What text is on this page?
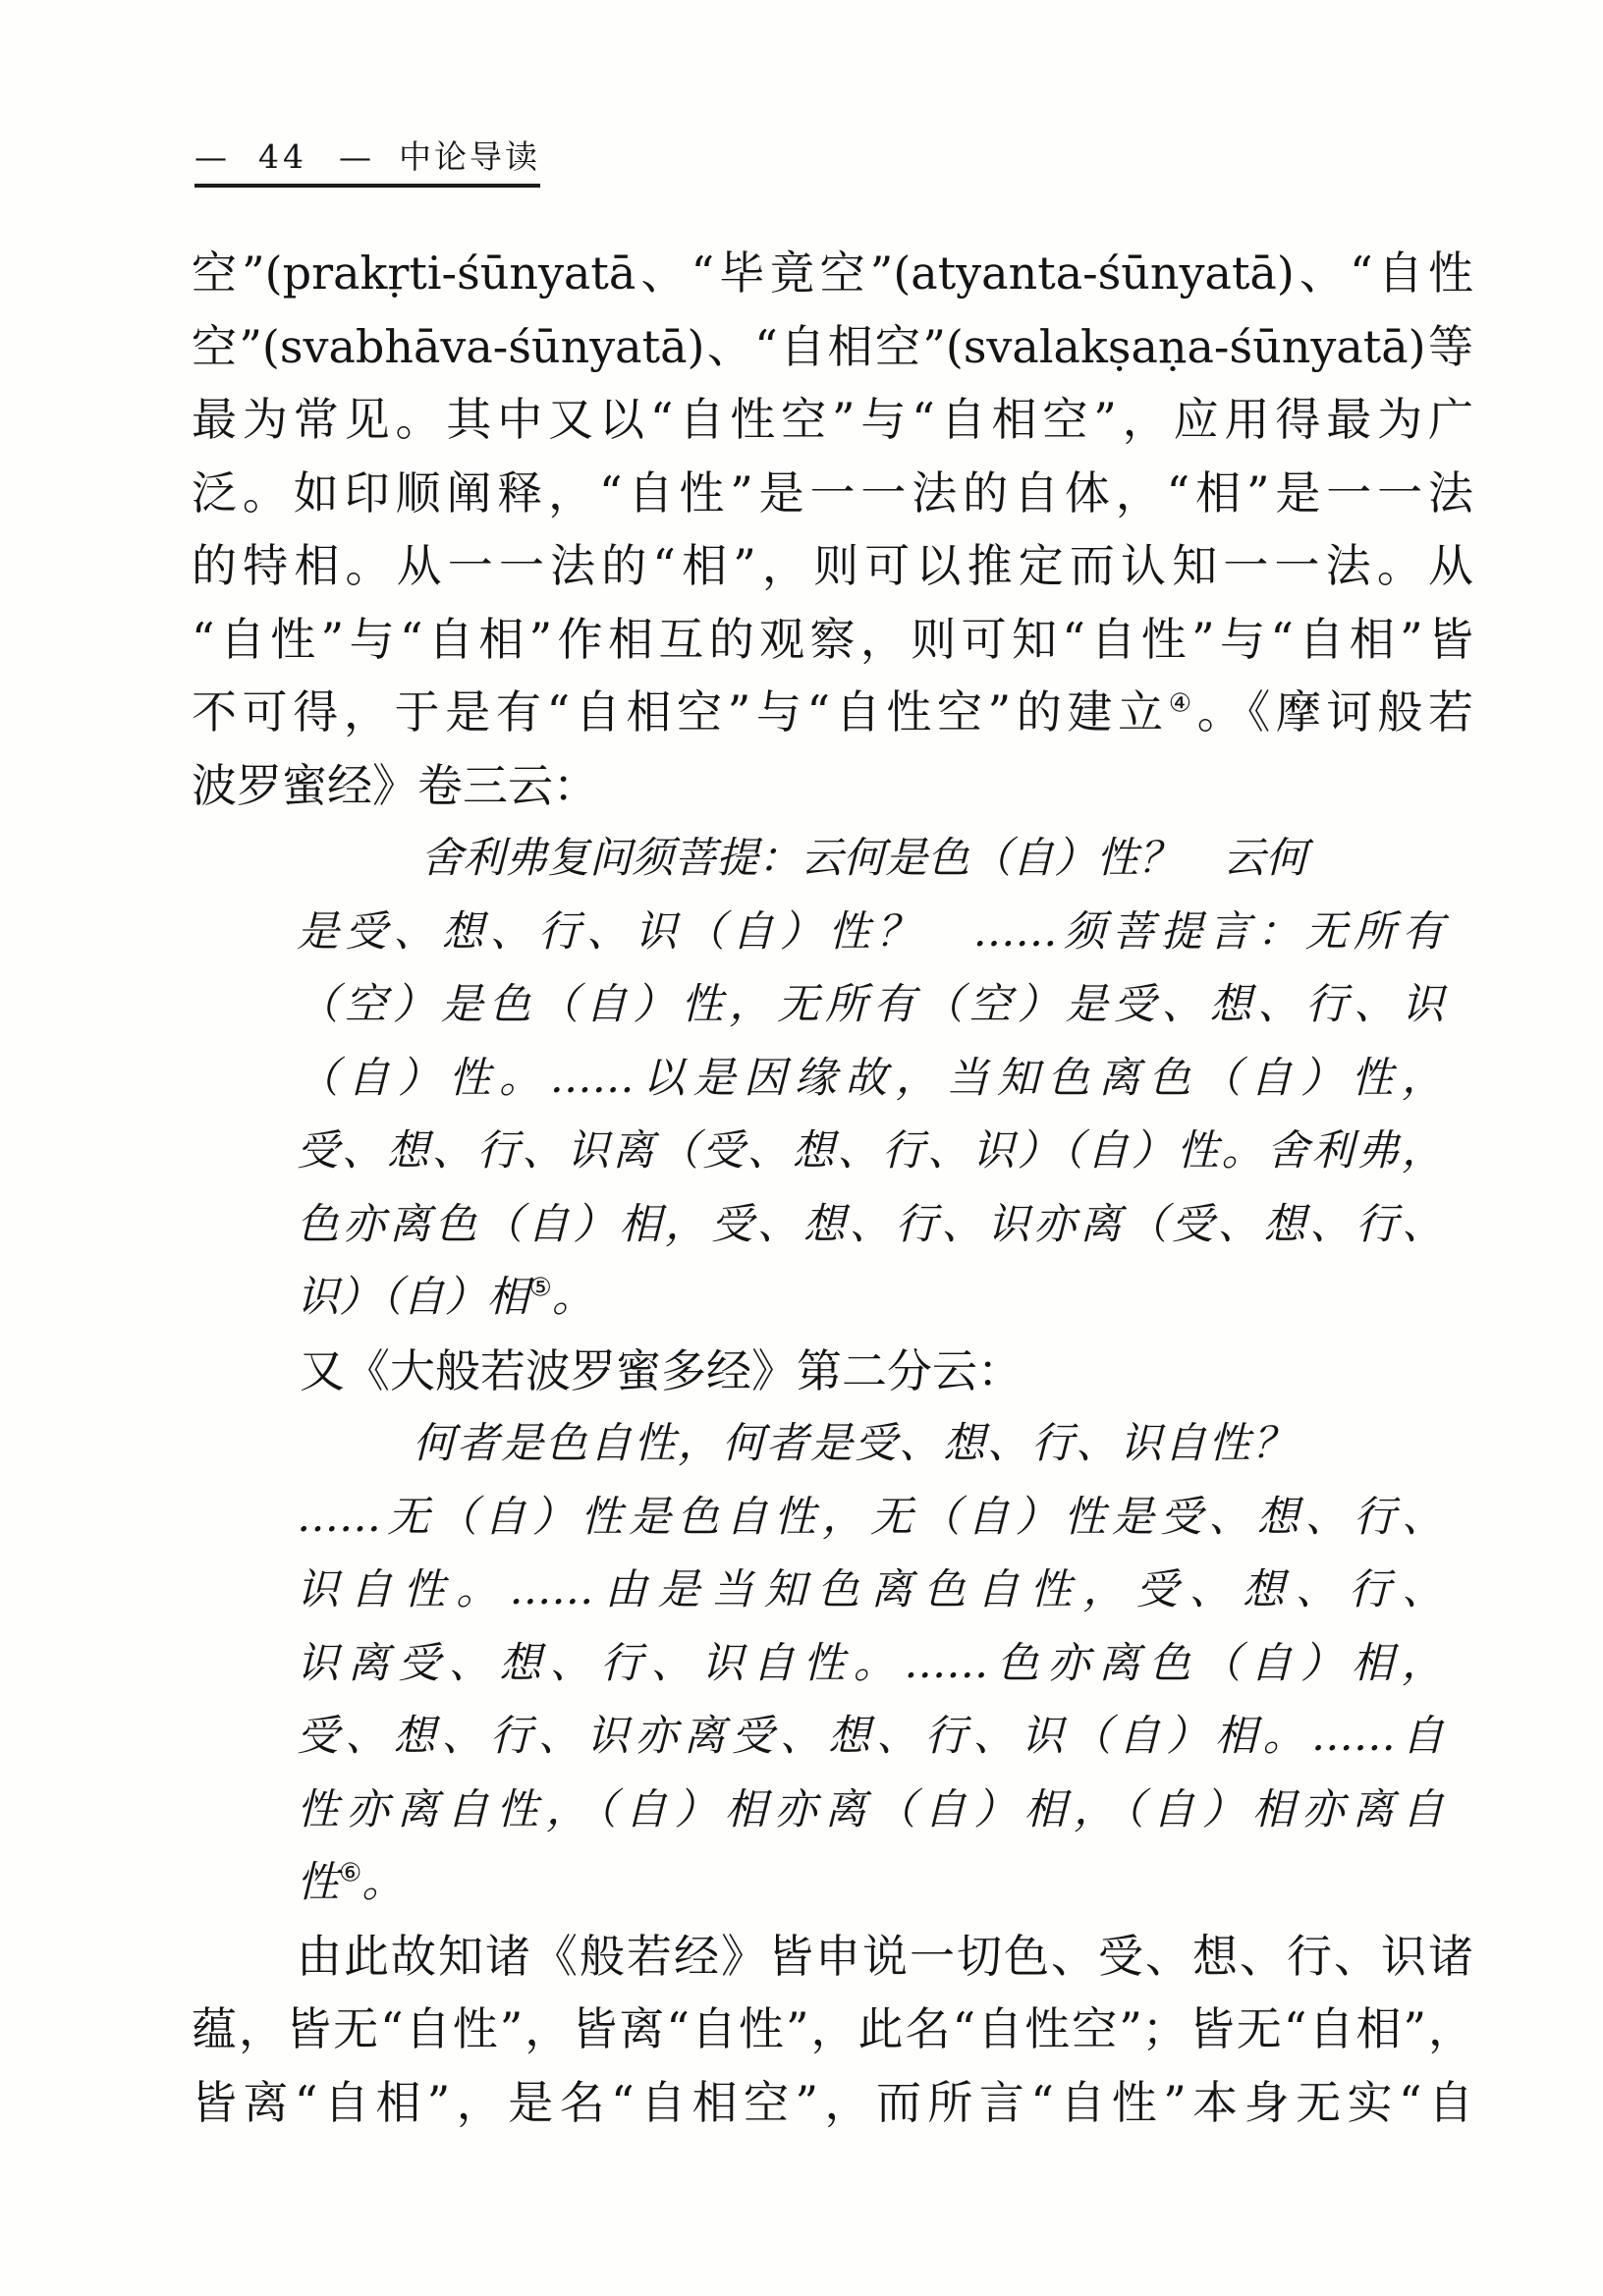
— 44 — 中论导读
空”(prakṛti-śūnyatā、“毕竟空”(atyanta-śūnyatā)、“自性
空”(svabhāva-śūnyatā)、“自相空”(svalakṣaṇa-śūnyatā)等
最为常见。其中又以“自性空”与“自相空”，应用得最为广
泛。如印顺阐释，“自性”是一一法的自体，“相”是一一法
的特相。从一一法的“相”，则可以推定而认知一一法。从
“自性”与“自相”作相互的观察，则可知“自性”与“自相”皆
不可得，于是有“自相空”与“自性空”的建立④。《摩诃般若
波罗蜜经》卷三云：
舍利弗复问须菩提：云何是色（自）性？　云何
是受、想、行、识（自）性？　……须菩提言：无所有
（空）是色（自）性，无所有（空）是受、想、行、识
（自）性。……以是因缘故，当知色离色（自）性，
受、想、行、识离（受、想、行、识）（自）性。舍利弗，
色亦离色（自）相，受、想、行、识亦离（受、想、行、
识）（自）相⑤。
又《大般若波罗蜜多经》第二分云：
何者是色自性，何者是受、想、行、识自性？
……无（自）性是色自性，无（自）性是受、想、行、
识自性。……由是当知色离色自性，受、想、行、
识离受、想、行、识自性。……色亦离色（自）相，
受、想、行、识亦离受、想、行、识（自）相。……自
性亦离自性，（自）相亦离（自）相，（自）相亦离自
性⑥。
由此故知诸《般若经》皆申说一切色、受、想、行、识诸
蕴，皆无“自性”，皆离“自性”，此名“自性空”；皆无“自相”，
皆离“自相”，是名“自相空”，而所言“自性”本身无实“自
